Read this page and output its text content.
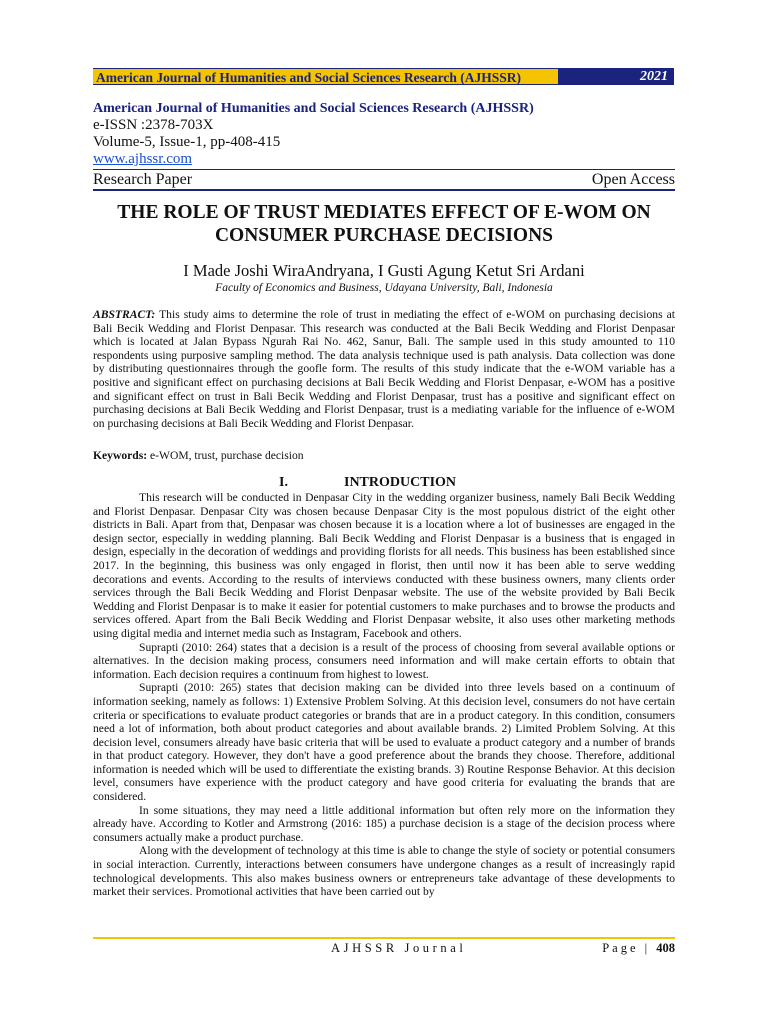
American Journal of Humanities and Social Sciences Research (AJHSSR)	2021
American Journal of Humanities and Social Sciences Research (AJHSSR)
e-ISSN :2378-703X
Volume-5, Issue-1, pp-408-415
www.ajhssr.com
Research Paper	Open Access
THE ROLE OF TRUST MEDIATES EFFECT OF E-WOM ON
CONSUMER PURCHASE DECISIONS
I Made Joshi WiraAndryana, I Gusti Agung Ketut Sri Ardani
Faculty of Economics and Business, Udayana University, Bali, Indonesia
ABSTRACT: This study aims to determine the role of trust in mediating the effect of e-WOM on purchasing decisions at Bali Becik Wedding and Florist Denpasar. This research was conducted at the Bali Becik Wedding and Florist Denpasar which is located at Jalan Bypass Ngurah Rai No. 462, Sanur, Bali. The sample used in this study amounted to 110 respondents using purposive sampling method. The data analysis technique used is path analysis. Data collection was done by distributing questionnaires through the goofle form. The results of this study indicate that the e-WOM variable has a positive and significant effect on purchasing decisions at Bali Becik Wedding and Florist Denpasar, e-WOM has a positive and significant effect on trust in Bali Becik Wedding and Florist Denpasar, trust has a positive and significant effect on purchasing decisions at Bali Becik Wedding and Florist Denpasar, trust is a mediating variable for the influence of e-WOM on purchasing decisions at Bali Becik Wedding and Florist Denpasar.
Keywords: e-WOM, trust, purchase decision
I.	INTRODUCTION

This research will be conducted in Denpasar City in the wedding organizer business, namely Bali Becik Wedding and Florist Denpasar. Denpasar City was chosen because Denpasar City is the most populous district of the eight other districts in Bali. Apart from that, Denpasar was chosen because it is a location where a lot of businesses are engaged in the design sector, especially in wedding planning. Bali Becik Wedding and Florist Denpasar is a business that is engaged in design, especially in the decoration of weddings and providing florists for all needs. This business has been established since 2017. In the beginning, this business was only engaged in florist, then until now it has been able to serve wedding decorations and events. According to the results of interviews conducted with these business owners, many clients order services through the Bali Becik Wedding and Florist Denpasar website. The use of the website provided by Bali Becik Wedding and Florist Denpasar is to make it easier for potential customers to make purchases and to browse the products and services offered. Apart from the Bali Becik Wedding and Florist Denpasar website, it also uses other marketing methods using digital media and internet media such as Instagram, Facebook and others.

Suprapti (2010: 264) states that a decision is a result of the process of choosing from several available options or alternatives. In the decision making process, consumers need information and will make certain efforts to obtain that information. Each decision requires a continuum from highest to lowest.

Suprapti (2010: 265) states that decision making can be divided into three levels based on a continuum of information seeking, namely as follows: 1) Extensive Problem Solving. At this decision level, consumers do not have certain criteria or specifications to evaluate product categories or brands that are in a product category. In this condition, consumers need a lot of information, both about product categories and about available brands. 2) Limited Problem Solving. At this decision level, consumers already have basic criteria that will be used to evaluate a product category and a number of brands in that product category. However, they don't have a good preference about the brands they choose. Therefore, additional information is needed which will be used to differentiate the existing brands. 3) Routine Response Behavior. At this decision level, consumers have experience with the product category and have good criteria for evaluating the brands that are considered.

In some situations, they may need a little additional information but often rely more on the information they already have. According to Kotler and Armstrong (2016: 185) a purchase decision is a stage of the decision process where consumers actually make a product purchase.

Along with the development of technology at this time is able to change the style of society or potential consumers in social interaction. Currently, interactions between consumers have undergone changes as a result of increasingly rapid technological developments. This also makes business owners or entrepreneurs take advantage of these developments to market their services. Promotional activities that have been carried out by

AJHSSR Journal	Page | 408
